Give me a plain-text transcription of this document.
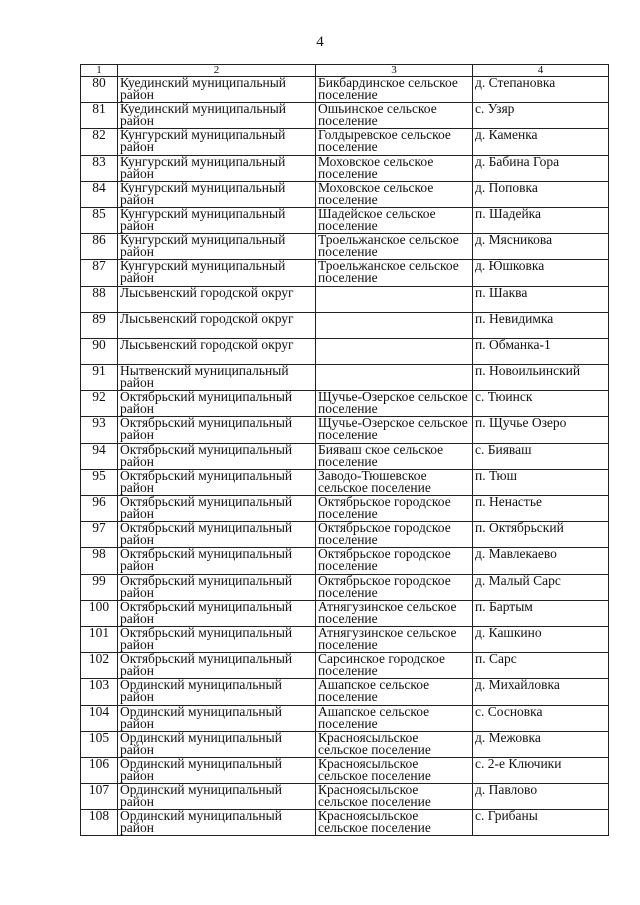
4
1	2	3	4
80	Куединский муниципальный район	Бикбардинское сельское поселение	д. Степановка
81	Куединский муниципальный район	Ошьинское сельское поселение	с. Узяр
82	Кунгурский муниципальный район	Голдыревское сельское поселение	д. Каменка
83	Кунгурский муниципальный район	Моховское сельское поселение	д. Бабина Гора
84	Кунгурский муниципальный район	Моховское сельское поселение	д. Поповка
85	Кунгурский муниципальный район	Шадейское сельское поселение	п. Шадейка
86	Кунгурский муниципальный район	Троельжанское сельское поселение	д. Мясникова
87	Кунгурский муниципальный район	Троельжанское сельское поселение	д. Юшковка
88	Лысьвенский городской округ		п. Шаква
89	Лысьвенский городской округ		п. Невидимка
90	Лысьвенский городской округ		п. Обманка-1
91	Нытвенский муниципальный район		п. Новоильинский
92	Октябрьский муниципальный район	Щучье-Озерское сельское поселение	с. Тюинск
93	Октябрьский муниципальный район	Щучье-Озерское сельское поселение	п. Щучье Озеро
94	Октябрьский муниципальный район	Бияваш ское сельское поселение	с. Бияваш
95	Октябрьский муниципальный район	Заводо-Тюшевское сельское поселение	п. Тюш
96	Октябрьский муниципальный район	Октябрьское городское поселение	п. Ненастье
97	Октябрьский муниципальный район	Октябрьское городское поселение	п. Октябрьский
98	Октябрьский муниципальный район	Октябрьское городское поселение	д. Мавлекаево
99	Октябрьский муниципальный район	Октябрьское городское поселение	д. Малый Сарс
100	Октябрьский муниципальный район	Атнягузинское сельское поселение	п. Бартым
101	Октябрьский муниципальный район	Атнягузинское сельское поселение	д. Кашкино
102	Октябрьский муниципальный район	Сарсинское городское поселение	п. Сарс
103	Ординский муниципальный район	Ашапское сельское поселение	д. Михайловка
104	Ординский муниципальный район	Ашапское сельское поселение	с. Сосновка
105	Ординский муниципальный район	Красноясыльское сельское поселение	д. Межовка
106	Ординский муниципальный район	Красноясыльское сельское поселение	с. 2-е Ключики
107	Ординский муниципальный район	Красноясыльское сельское поселение	д. Павлово
108	Ординский муниципальный район	Красноясыльское сельское поселение	с. Грибаны
